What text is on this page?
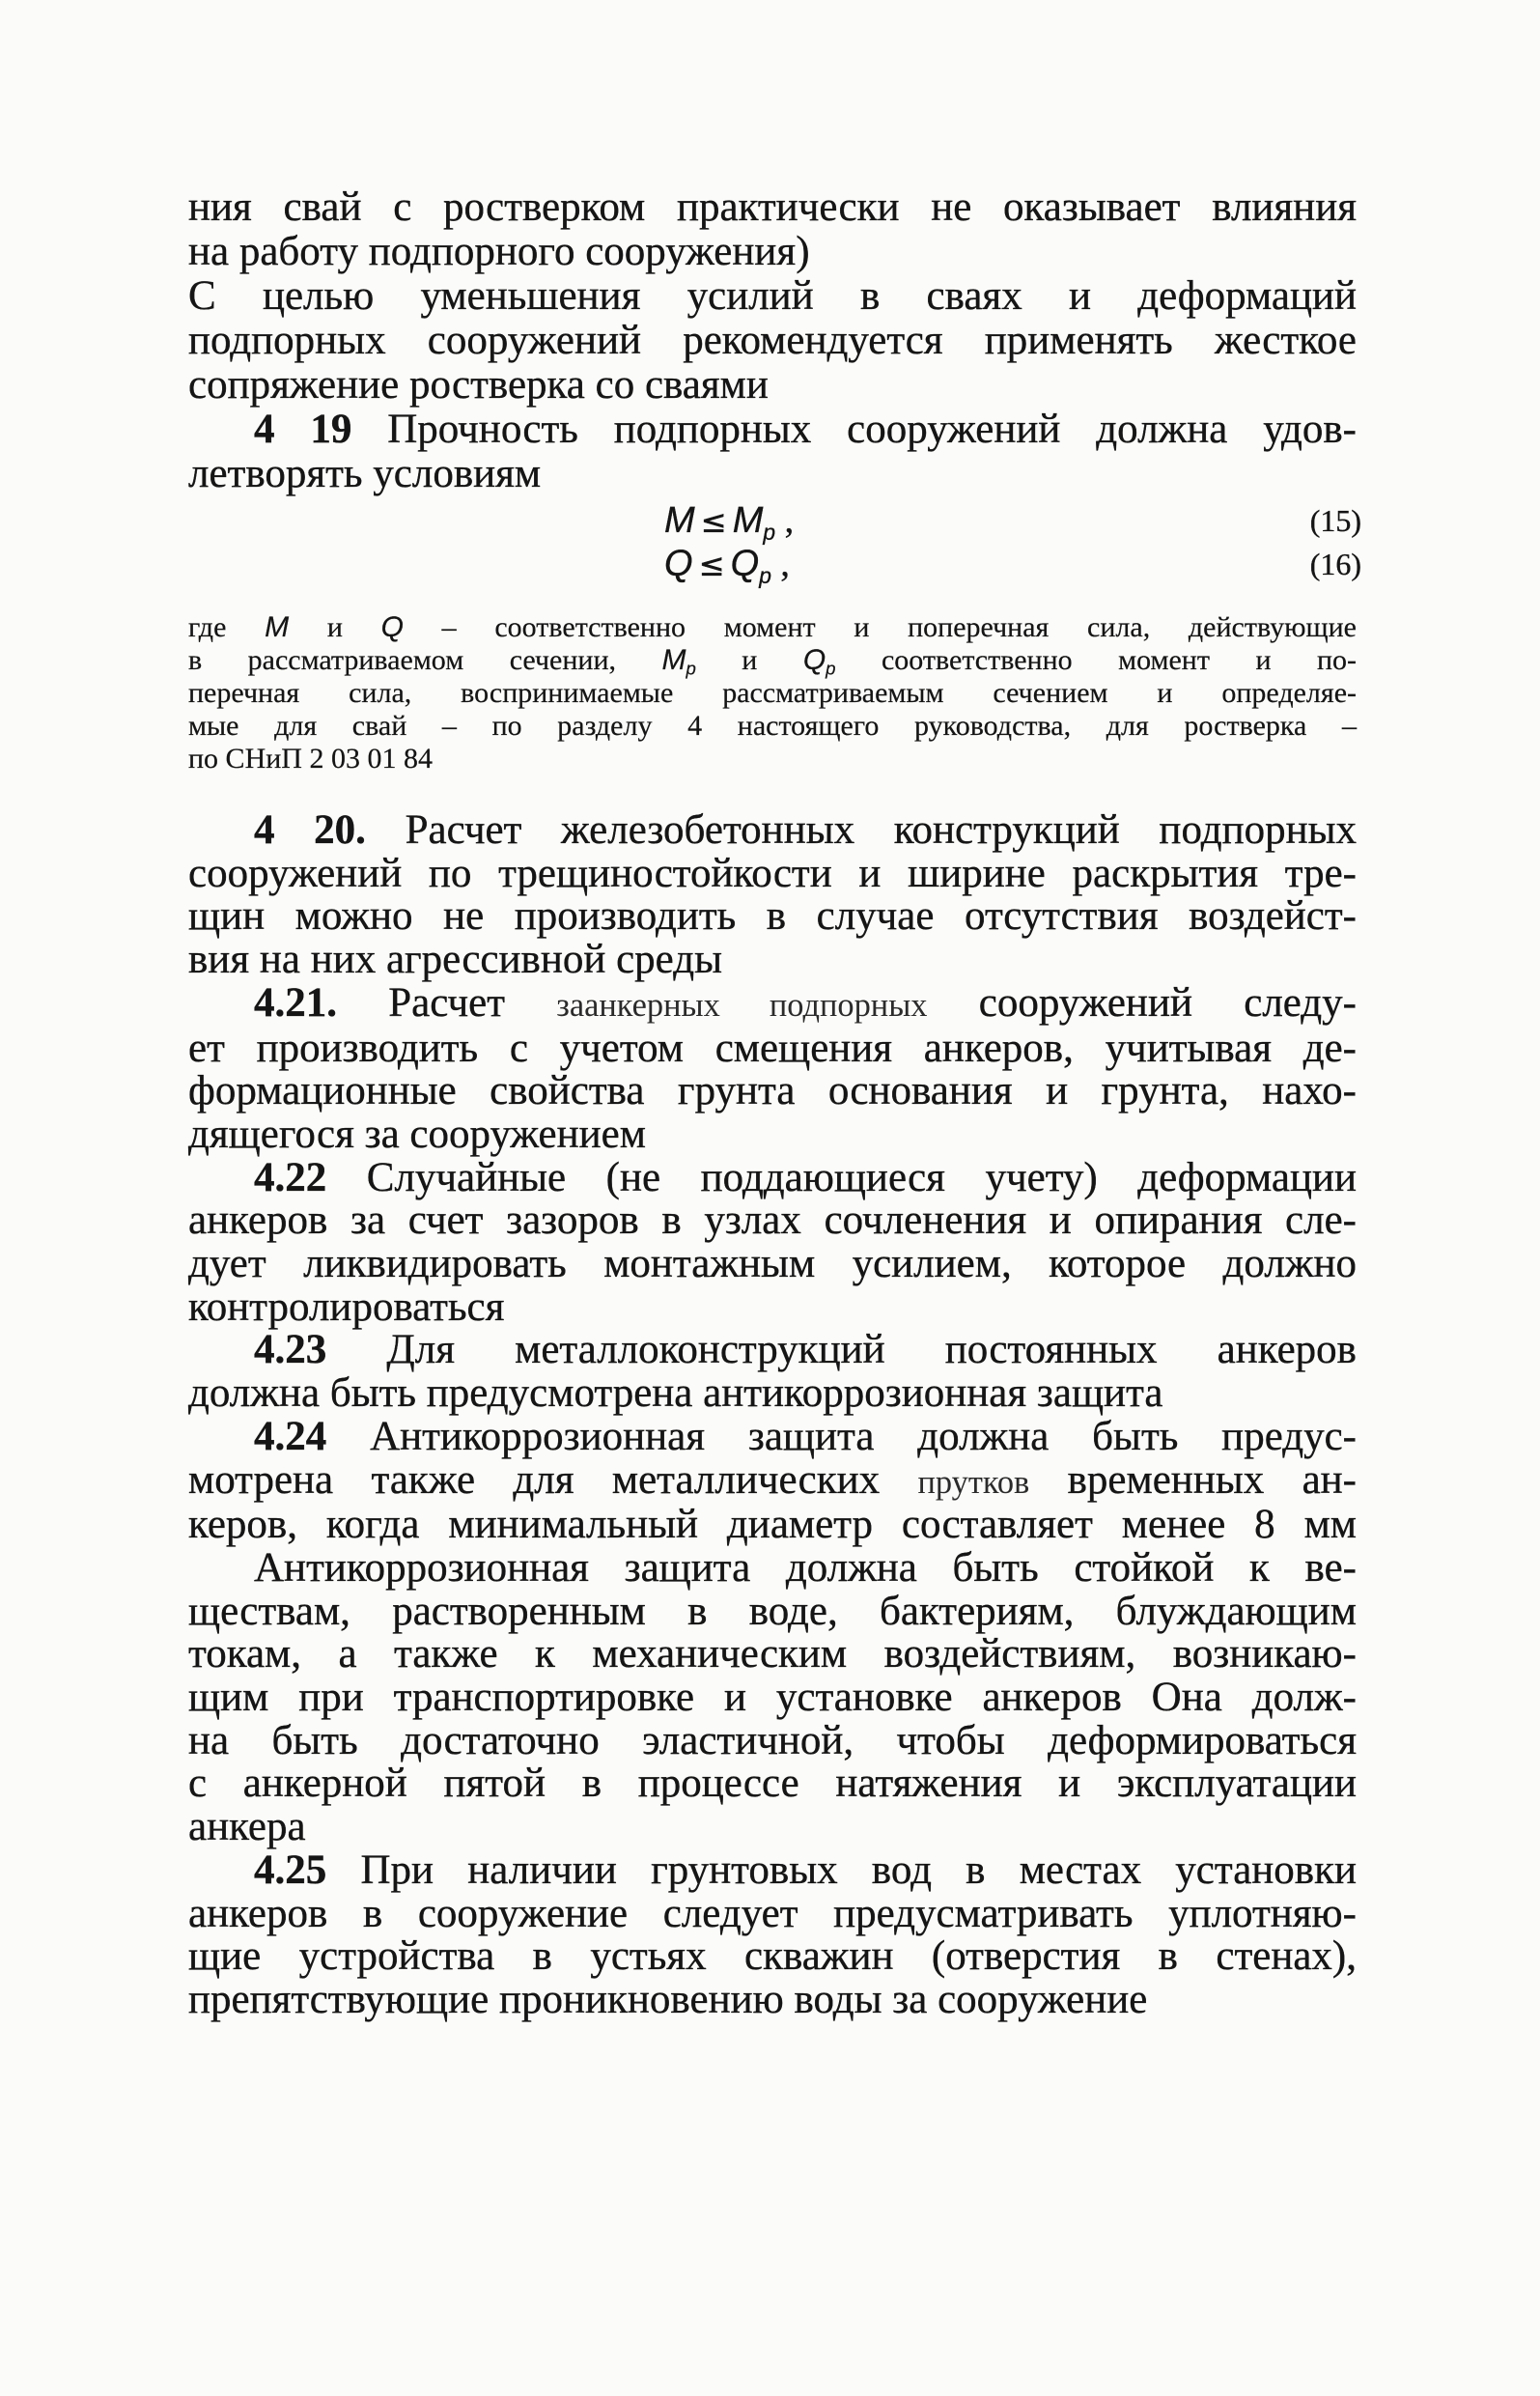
ния свай с ростверком практически не оказывает влияния
на работу подпорного сооружения)
С целью уменьшения усилий в сваях и деформаций
подпорных сооружений рекомендуется применять жесткое
сопряжение ростверка со сваями
4 19 Прочность подпорных сооружений должна удов-
летворять условиям
$M \le M_p$ ,	(15)
$Q \le Q_p$ ,	(16)
где M и Q – соответственно момент и поперечная сила, действующие
в рассматриваемом сечении, $M_p$ и $Q_p$ соответственно момент и по-
перечная сила, воспринимаемые рассматриваемым сечением и определяе-
мые для свай – по разделу 4 настоящего руководства, для ростверка –
по СНиП 2 03 01 84
4 20. Расчет железобетонных конструкций подпорных
сооружений по трещиностойкости и ширине раскрытия тре-
щин можно не производить в случае отсутствия воздейст-
вия на них агрессивной среды
4.21. Расчет заанкерных подпорных сооружений следу-
ет производить с учетом смещения анкеров, учитывая де-
формационные свойства грунта основания и грунта, нахо-
дящегося за сооружением
4.22 Случайные (не поддающиеся учету) деформации
анкеров за счет зазоров в узлах сочленения и опирания сле-
дует ликвидировать монтажным усилием, которое должно
контролироваться
4.23 Для металлоконструкций постоянных анкеров
должна быть предусмотрена антикоррозионная защита
4.24 Антикоррозионная защита должна быть предус-
мотрена также для металлических прутков временных ан-
керов, когда минимальный диаметр составляет менее 8 мм
Антикоррозионная защита должна быть стойкой к ве-
ществам, растворенным в воде, бактериям, блуждающим
токам, а также к механическим воздействиям, возникаю-
щим при транспортировке и установке анкеров Она долж-
на быть достаточно эластичной, чтобы деформироваться
с анкерной пятой в процессе натяжения и эксплуатации
анкера
4.25 При наличии грунтовых вод в местах установки
анкеров в сооружение следует предусматривать уплотняю-
щие устройства в устьях скважин (отверстия в стенах),
препятствующие проникновению воды за сооружение
